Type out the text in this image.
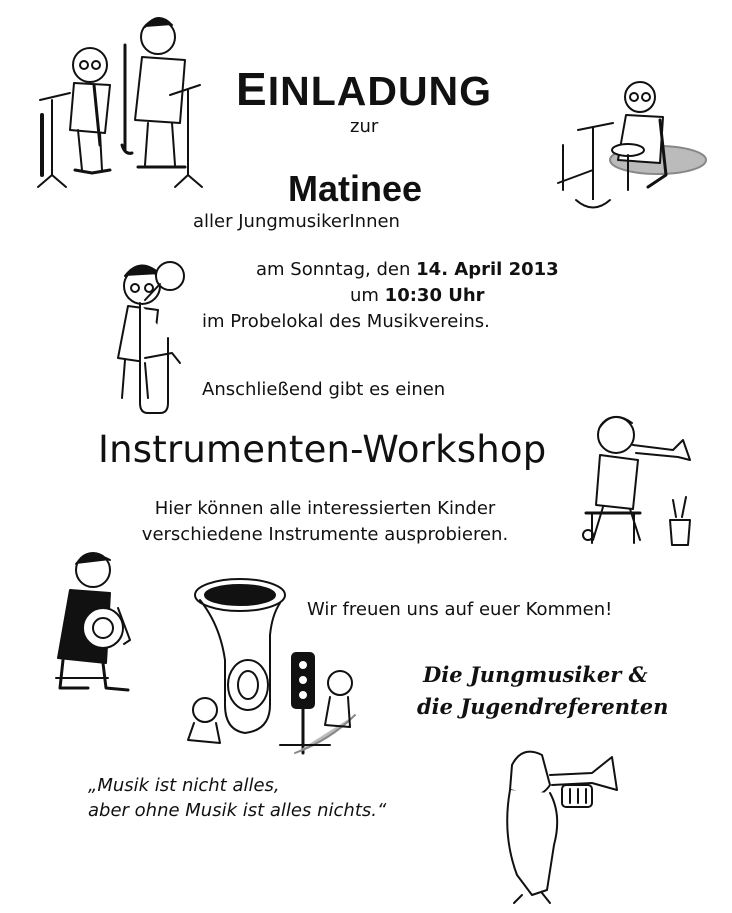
EINLADUNG
zur
Matinee
aller JungmusikerInnen
am Sonntag, den 14. April 2013
um 10:30 Uhr
im Probelokal des Musikvereins.
Anschließend gibt es einen
Instrumenten-Workshop
Hier können alle interessierten Kinder
verschiedene Instrumente ausprobieren.
Wir freuen uns auf euer Kommen!
Die Jungmusiker &
die Jugendreferenten
„Musik ist nicht alles,
aber ohne Musik ist alles nichts.“
